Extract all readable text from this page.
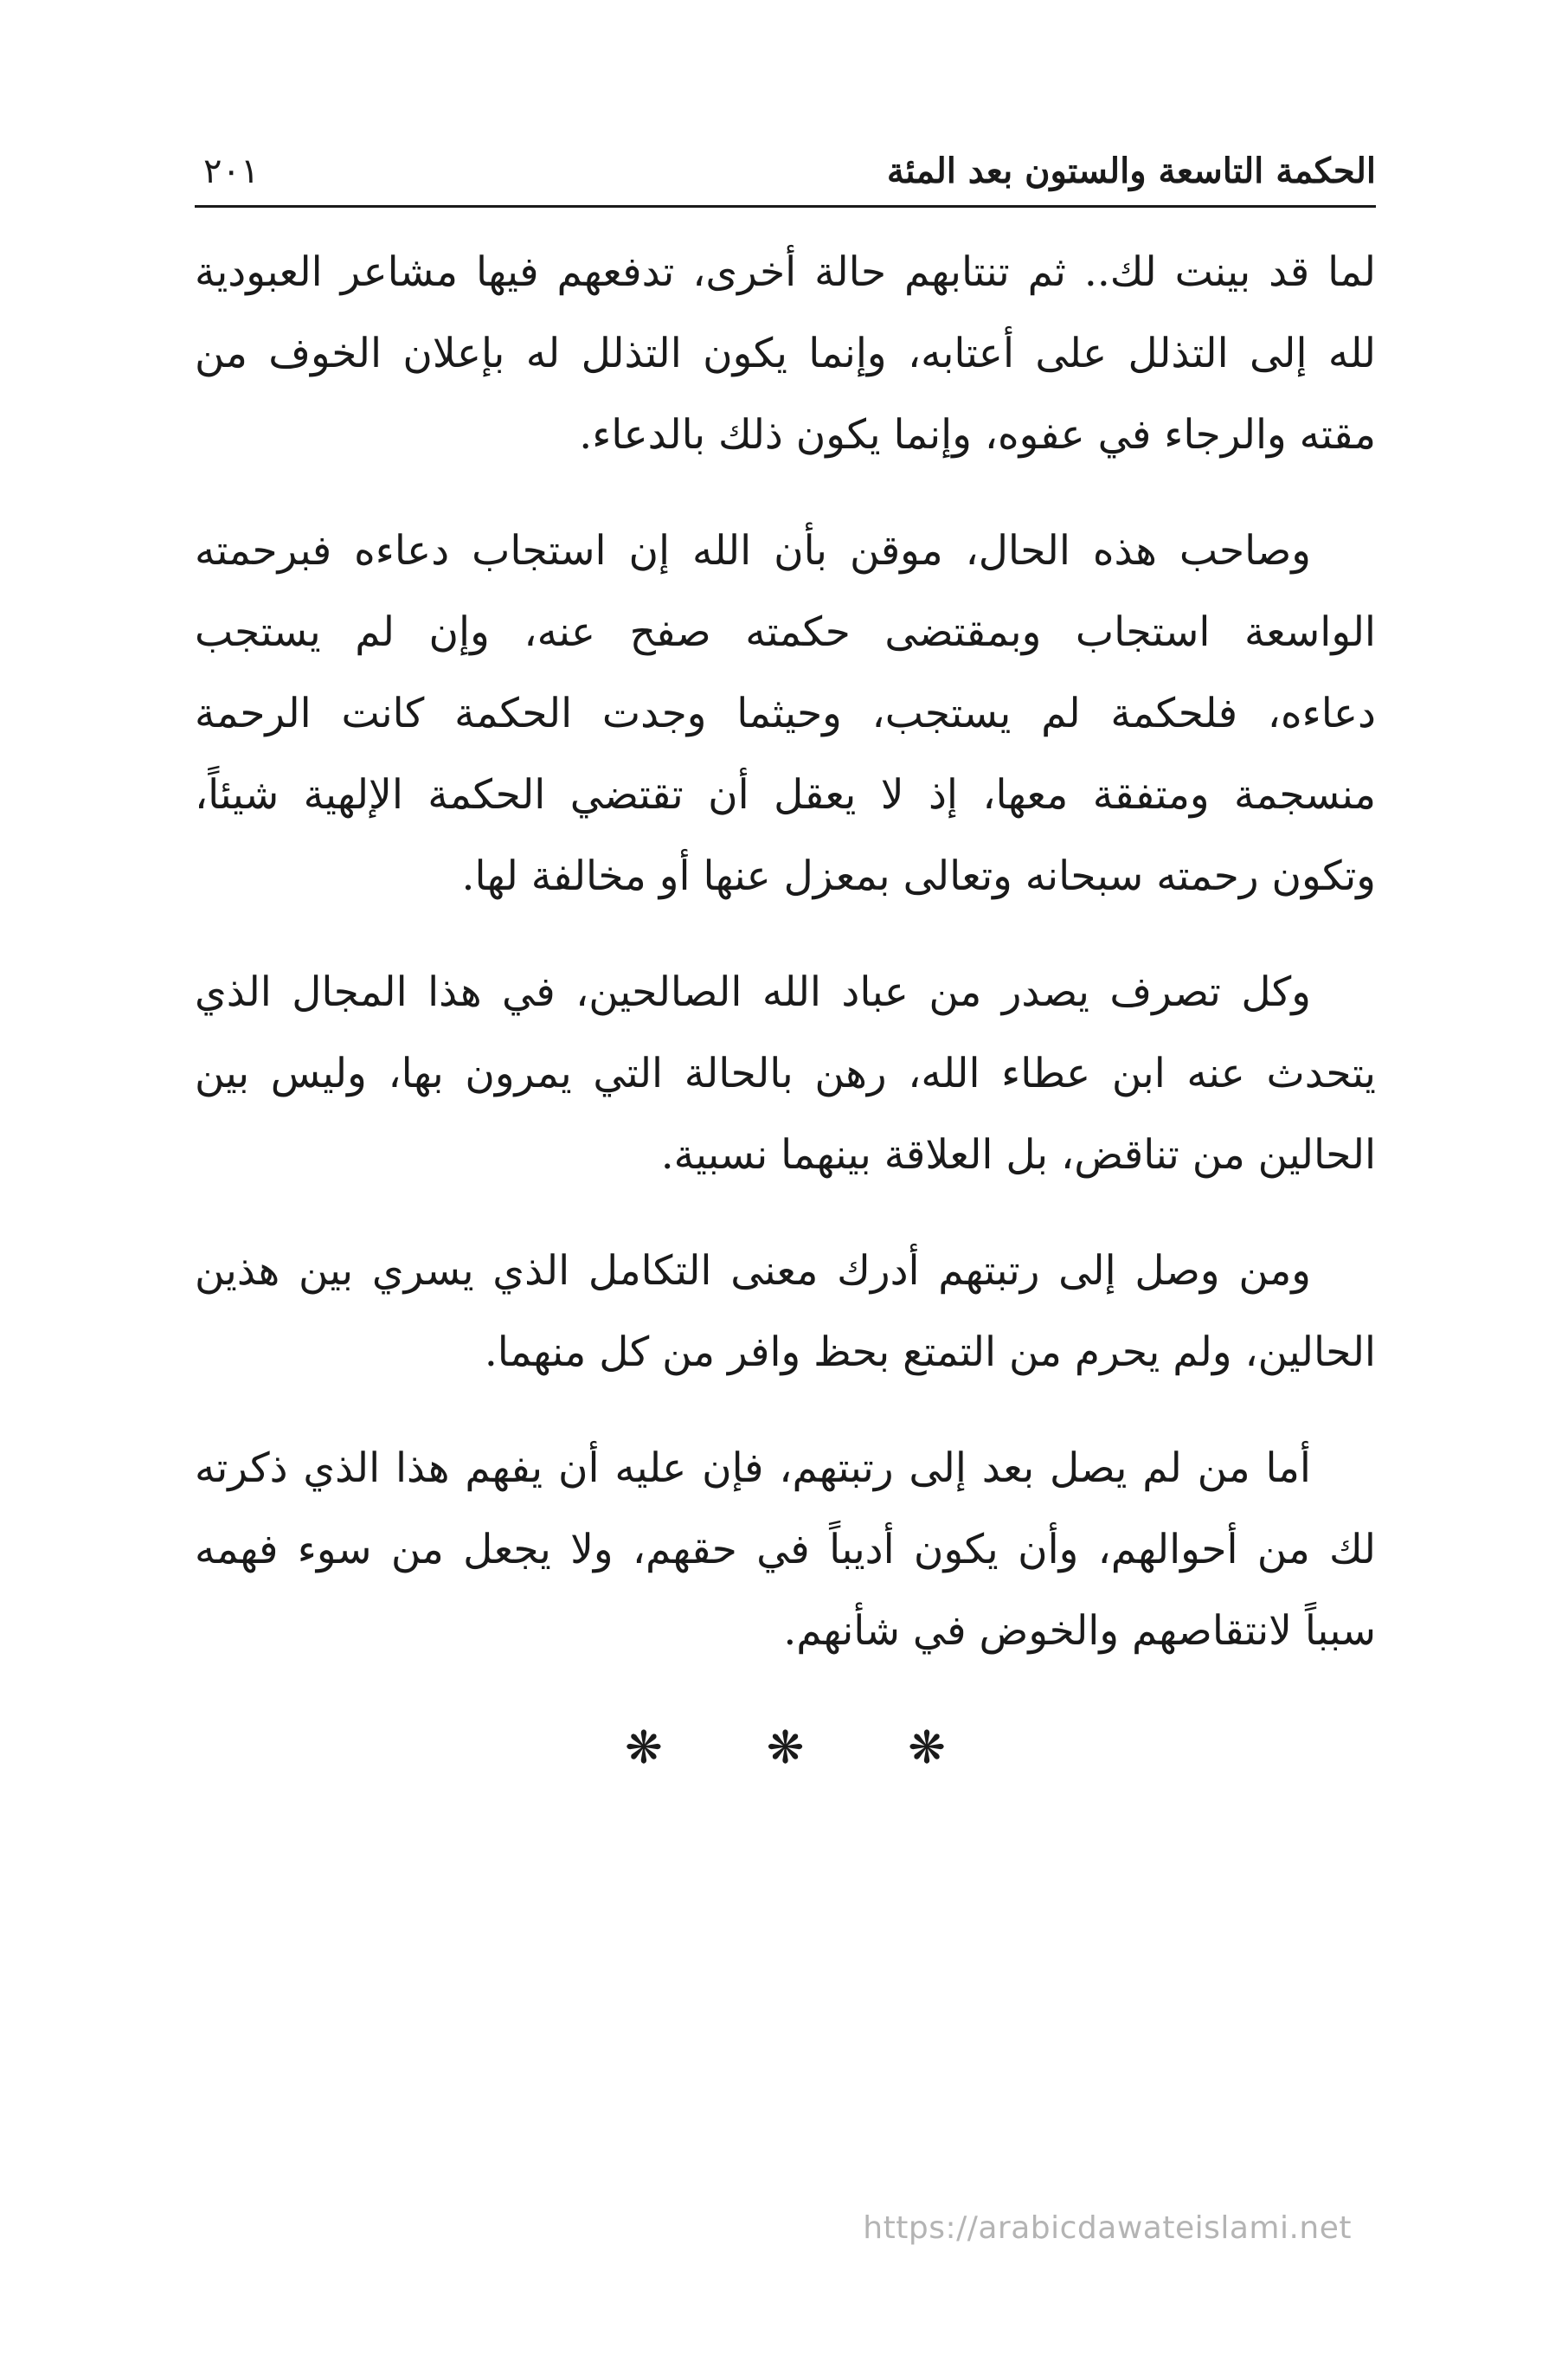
الحكمة التاسعة والستون بعد المئة
٢٠١

لما قد بينت لك.. ثم تنتابهم حالة أخرى، تدفعهم فيها مشاعر العبودية
لله إلى التذلل على أعتابه، وإنما يكون التذلل له بإعلان الخوف من
مقته والرجاء في عفوه، وإنما يكون ذلك بالدعاء.

وصاحب هذه الحال، موقن بأن الله إن استجاب دعاءه فبرحمته
الواسعة استجاب وبمقتضى حكمته صفح عنه، وإن لم يستجب
دعاءه، فلحكمة لم يستجب، وحيثما وجدت الحكمة كانت الرحمة
منسجمة ومتفقة معها، إذ لا يعقل أن تقتضي الحكمة الإلهية شيئاً،
وتكون رحمته سبحانه وتعالى بمعزل عنها أو مخالفة لها.

وكل تصرف يصدر من عباد الله الصالحين، في هذا المجال الذي
يتحدث عنه ابن عطاء الله، رهن بالحالة التي يمرون بها، وليس بين
الحالين من تناقض، بل العلاقة بينهما نسبية.

ومن وصل إلى رتبتهم أدرك معنى التكامل الذي يسري بين هذين
الحالين، ولم يحرم من التمتع بحظ وافر من كل منهما.

أما من لم يصل بعد إلى رتبتهم، فإن عليه أن يفهم هذا الذي ذكرته
لك من أحوالهم، وأن يكون أديباً في حقهم، ولا يجعل من سوء فهمه
سبباً لانتقاصهم والخوض في شأنهم.

❋ ❋ ❋
https://arabicdawateislami.net
